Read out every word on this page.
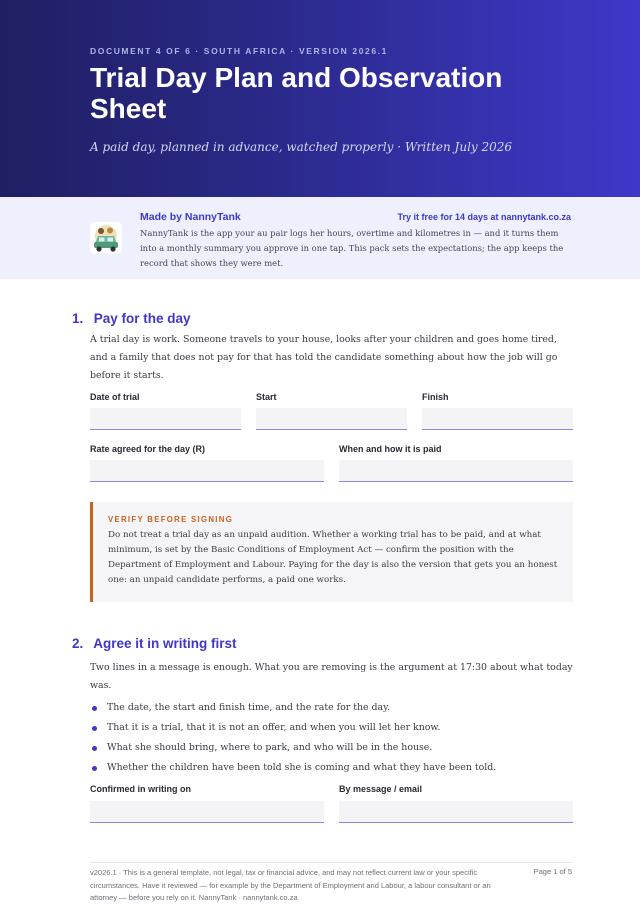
DOCUMENT 4 OF 6 · SOUTH AFRICA · VERSION 2026.1
Trial Day Plan and Observation Sheet
A paid day, planned in advance, watched properly · Written July 2026
Made by NannyTank	Try it free for 14 days at nannytank.co.za

NannyTank is the app your au pair logs her hours, overtime and kilometres in — and it turns them into a monthly summary you approve in one tap. This pack sets the expectations; the app keeps the record that shows they were met.

1. Pay for the day

A trial day is work. Someone travels to your house, looks after your children and goes home tired, and a family that does not pay for that has told the candidate something about how the job will go before it starts.

Date of trial	Start	Finish
Rate agreed for the day (R)	When and how it is paid
VERIFY BEFORE SIGNING

Do not treat a trial day as an unpaid audition. Whether a working trial has to be paid, and at what minimum, is set by the Basic Conditions of Employment Act — confirm the position with the Department of Employment and Labour. Paying for the day is also the version that gets you an honest one: an unpaid candidate performs, a paid one works.

2. Agree it in writing first

Two lines in a message is enough. What you are removing is the argument at 17:30 about what today was.

The date, the start and finish time, and the rate for the day.
That it is a trial, that it is not an offer, and when you will let her know.
What she should bring, where to park, and who will be in the house.
Whether the children have been told she is coming and what they have been told.
Confirmed in writing on	By message / email

v2026.1 · This is a general template, not legal, tax or financial advice, and may not reflect current law or your specific circumstances. Have it reviewed — for example by the Department of Employment and Labour, a labour consultant or an attorney — before you rely on it. NannyTank · nannytank.co.za

Page 1 of 5
